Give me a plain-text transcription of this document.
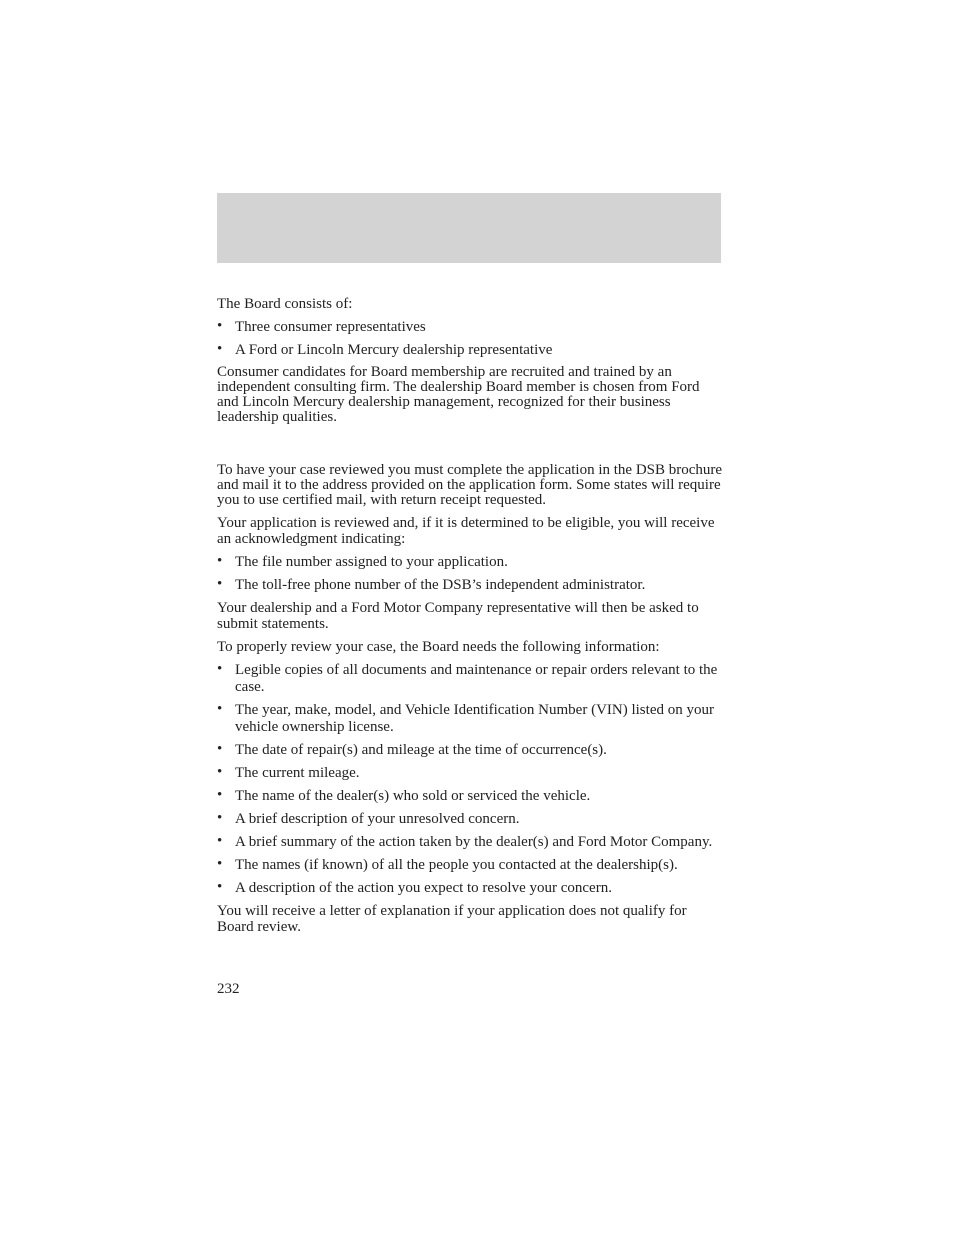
The Board consists of:
• Three consumer representatives
• A Ford or Lincoln Mercury dealership representative
Consumer candidates for Board membership are recruited and trained by an independent consulting firm. The dealership Board member is chosen from Ford and Lincoln Mercury dealership management, recognized for their business leadership qualities.
To have your case reviewed you must complete the application in the DSB brochure and mail it to the address provided on the application form. Some states will require you to use certified mail, with return receipt requested.
Your application is reviewed and, if it is determined to be eligible, you will receive an acknowledgment indicating:
• The file number assigned to your application.
• The toll-free phone number of the DSB’s independent administrator.
Your dealership and a Ford Motor Company representative will then be asked to submit statements.
To properly review your case, the Board needs the following information:
• Legible copies of all documents and maintenance or repair orders relevant to the case.
• The year, make, model, and Vehicle Identification Number (VIN) listed on your vehicle ownership license.
• The date of repair(s) and mileage at the time of occurrence(s).
• The current mileage.
• The name of the dealer(s) who sold or serviced the vehicle.
• A brief description of your unresolved concern.
• A brief summary of the action taken by the dealer(s) and Ford Motor Company.
• The names (if known) of all the people you contacted at the dealership(s).
• A description of the action you expect to resolve your concern.
You will receive a letter of explanation if your application does not qualify for Board review.
232
